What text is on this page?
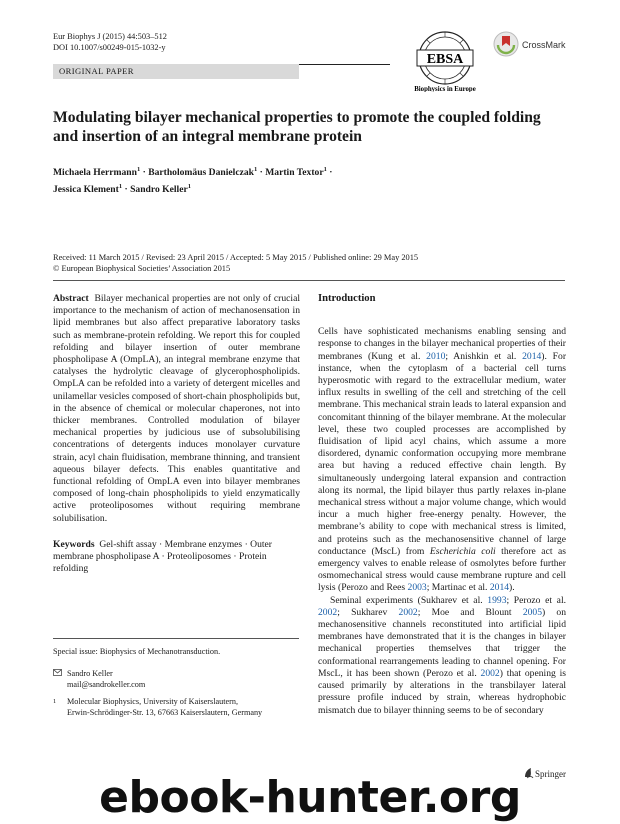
Eur Biophys J (2015) 44:503–512
DOI 10.1007/s00249-015-1032-y
ORIGINAL PAPER
EBSA
Biophysics in Europe
CrossMark
Modulating bilayer mechanical properties to promote the coupled folding and insertion of an integral membrane protein
Michaela Herrmann$^1$ · Bartholomäus Danielczak$^1$ · Martin Textor$^1$ ·
Jessica Klement$^1$ · Sandro Keller$^1$
Received: 11 March 2015 / Revised: 23 April 2015 / Accepted: 5 May 2015 / Published online: 29 May 2015
© European Biophysical Societies’ Association 2015

Abstract Bilayer mechanical properties are not only of crucial importance to the mechanism of action of mechanosensation in lipid membranes but also affect preparative laboratory tasks such as membrane-protein refolding. We report this for coupled refolding and bilayer insertion of outer membrane phospholipase A (OmpLA), an integral membrane enzyme that catalyses the hydrolytic cleavage of glycerophospholipids. OmpLA can be refolded into a variety of detergent micelles and unilamellar vesicles composed of short-chain phospholipids but, in the absence of chemical or molecular chaperones, not into thicker membranes. Controlled modulation of bilayer mechanical properties by judicious use of subsolubilising concentrations of detergents induces monolayer curvature strain, acyl chain fluidisation, membrane thinning, and transient aqueous bilayer defects. This enables quantitative and functional refolding of OmpLA even into bilayer membranes composed of long-chain phospholipids to yield enzymatically active proteoliposomes without requiring membrane solubilisation.

Keywords Gel-shift assay · Membrane enzymes · Outer membrane phospholipase A · Proteoliposomes · Protein refolding

Special issue: Biophysics of Mechanotransduction.
Sandro Keller
mail@sandrokeller.com
1 Molecular Biophysics, University of Kaiserslautern,
Erwin-Schrödinger-Str. 13, 67663 Kaiserslautern, Germany
Introduction

Cells have sophisticated mechanisms enabling sensing and response to changes in the bilayer mechanical properties of their membranes (Kung et al. 2010; Anishkin et al. 2014). For instance, when the cytoplasm of a bacterial cell turns hyperosmotic with regard to the extracellular medium, water influx results in swelling of the cell and stretching of the cell membrane. This mechanical strain leads to lateral expansion and concomitant thinning of the bilayer membrane. At the molecular level, these two coupled processes are accomplished by fluidisation of lipid acyl chains, which assume a more disordered, dynamic conformation occupying more membrane area but having a reduced effective chain length. By simultaneously undergoing lateral expansion and contraction along its normal, the lipid bilayer thus partly relaxes in-plane mechanical stress without a major volume change, which would incur a much higher free-energy penalty. However, the membrane’s ability to cope with mechanical stress is limited, and proteins such as the mechanosensitive channel of large conductance (MscL) from Escherichia coli therefore act as emergency valves to enable release of osmolytes before further osmomechanical stress would cause membrane rupture and cell lysis (Perozo and Rees 2003; Martinac et al. 2014).

Seminal experiments (Sukharev et al. 1993; Perozo et al. 2002; Sukharev 2002; Moe and Blount 2005) on mechanosensitive channels reconstituted into artificial lipid membranes have demonstrated that it is the changes in bilayer mechanical properties themselves that trigger the conformational rearrangements leading to channel opening. For MscL, it has been shown (Perozo et al. 2002) that opening is caused primarily by alterations in the transbilayer lateral pressure profile induced by strain, whereas hydrophobic mismatch due to bilayer thinning seems to be of secondary

Springer
ebook-hunter.org
